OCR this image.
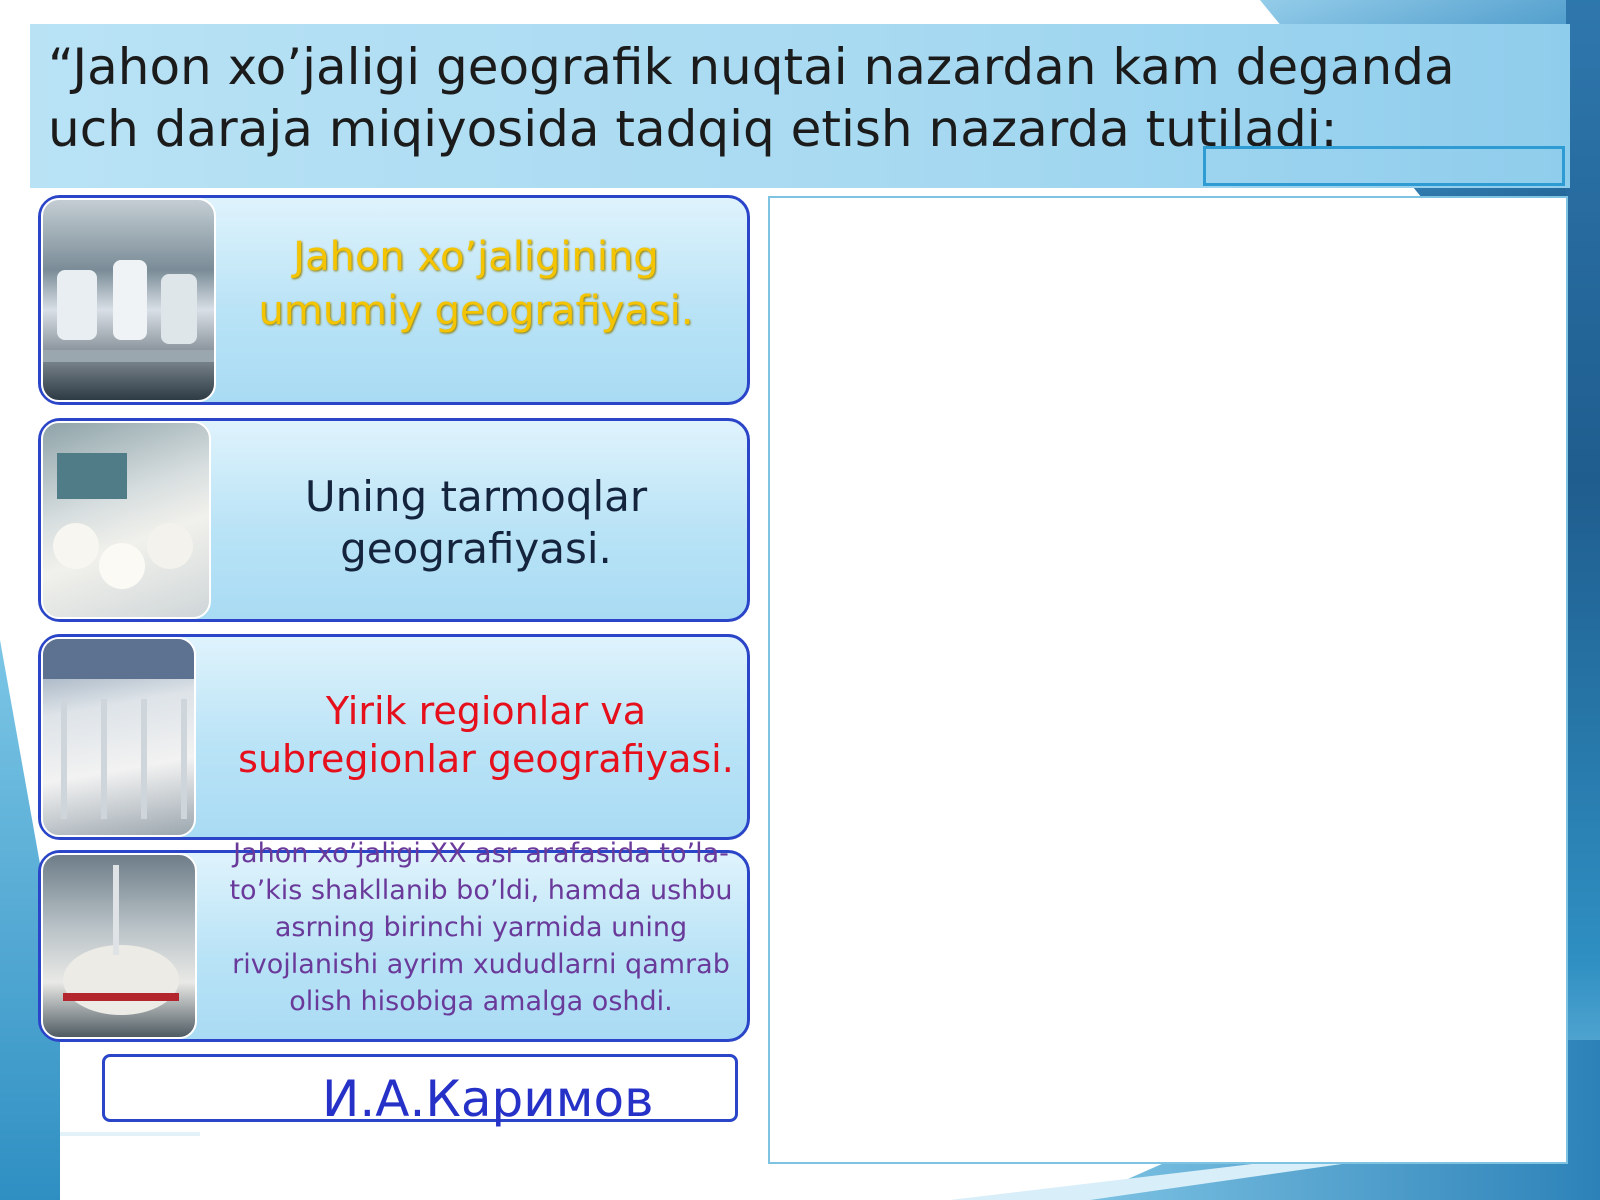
“Jahon xo’jaligi geografik nuqtai nazardan kam deganda uch daraja miqiyosida tadqiq etish nazarda tutiladi:

Jahon xo’jaligining umumiy geografiyasi.

Uning tarmoqlar geografiyasi.

Yirik regionlar va subregionlar geografiyasi.

Jahon xo’jaligi XX asr arafasida to’la-to’kis shakllanib bo’ldi, hamda ushbu asrning birinchi yarmida uning rivojlanishi ayrim xududlarni qamrab olish hisobiga amalga oshdi.

И.А.Каримов
